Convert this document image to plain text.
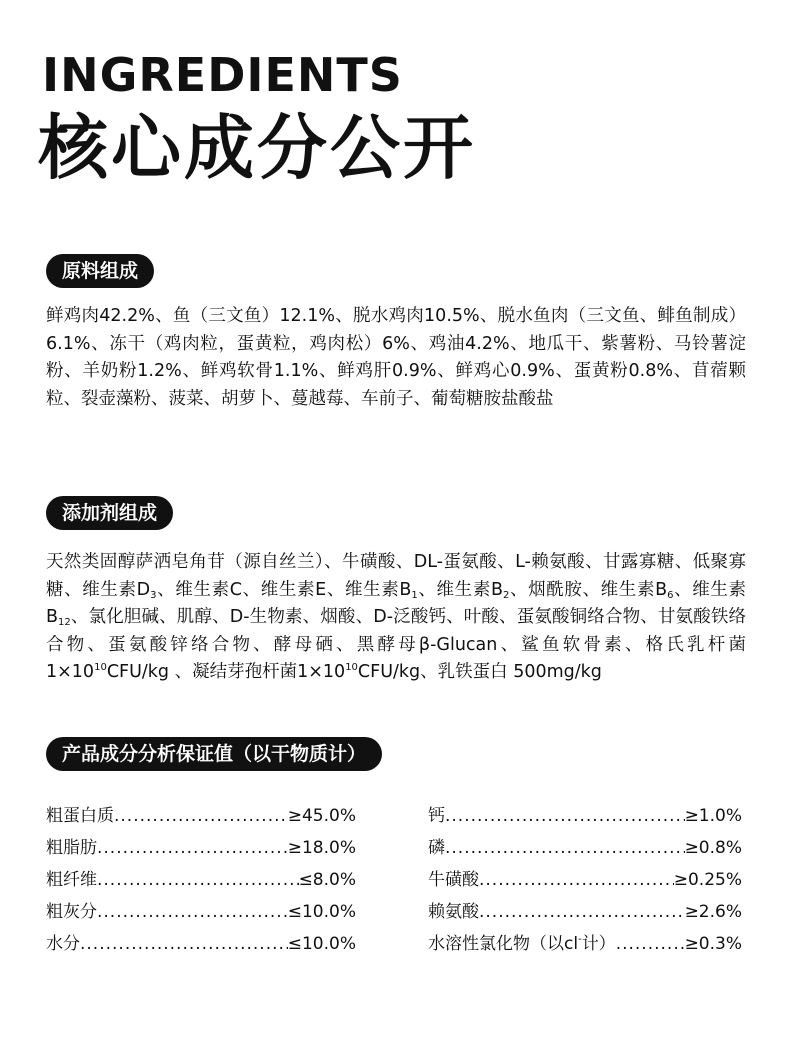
INGREDIENTS
核心成分公开
原料组成

鲜鸡肉42.2%、鱼（三文鱼）12.1%、脱水鸡肉10.5%、脱水鱼肉（三文鱼、鲱鱼制成）6.1%、冻干（鸡肉粒，蛋黄粒，鸡肉松）6%、鸡油4.2%、地瓜干、紫薯粉、马铃薯淀粉、羊奶粉1.2%、鲜鸡软骨1.1%、鲜鸡肝0.9%、鲜鸡心0.9%、蛋黄粉0.8%、苜蓿颗粒、裂壶藻粉、菠菜、胡萝卜、蔓越莓、车前子、葡萄糖胺盐酸盐

添加剂组成

天然类固醇萨洒皂角苷（源自丝兰）、牛磺酸、DL-蛋氨酸、L-赖氨酸、甘露寡糖、低聚寡糖、维生素$D_3$、维生素C、维生素E、维生素$B_1$、维生素$B_2$、烟酰胺、维生素$B_6$、维生素$B_{12}$、氯化胆碱、肌醇、D-生物素、烟酸、D-泛酸钙、叶酸、蛋氨酸铜络合物、甘氨酸铁络合物、蛋氨酸锌络合物、酵母硒、黑酵母β-Glucan、鲨鱼软骨素、格氏乳杆菌$1\times 10^{10}CFU/kg$ 、凝结芽孢杆菌$1\times 10^{10}CFU/kg$、乳铁蛋白 500mg/kg

产品成分分析保证值（以干物质计）
粗蛋白质 .....	≥45.0%
粗脂肪 .....	≥18.0%
粗纤维 .....	≤8.0%
粗灰分 .....	≤10.0%
水分 .....	≤10.0%
钙 .....	≥1.0%
磷 .....	≥0.8%
牛磺酸 .....	≥0.25%
赖氨酸 .....	≥2.6%
水溶性氯化物（以cl-计） .....	≥0.3%
